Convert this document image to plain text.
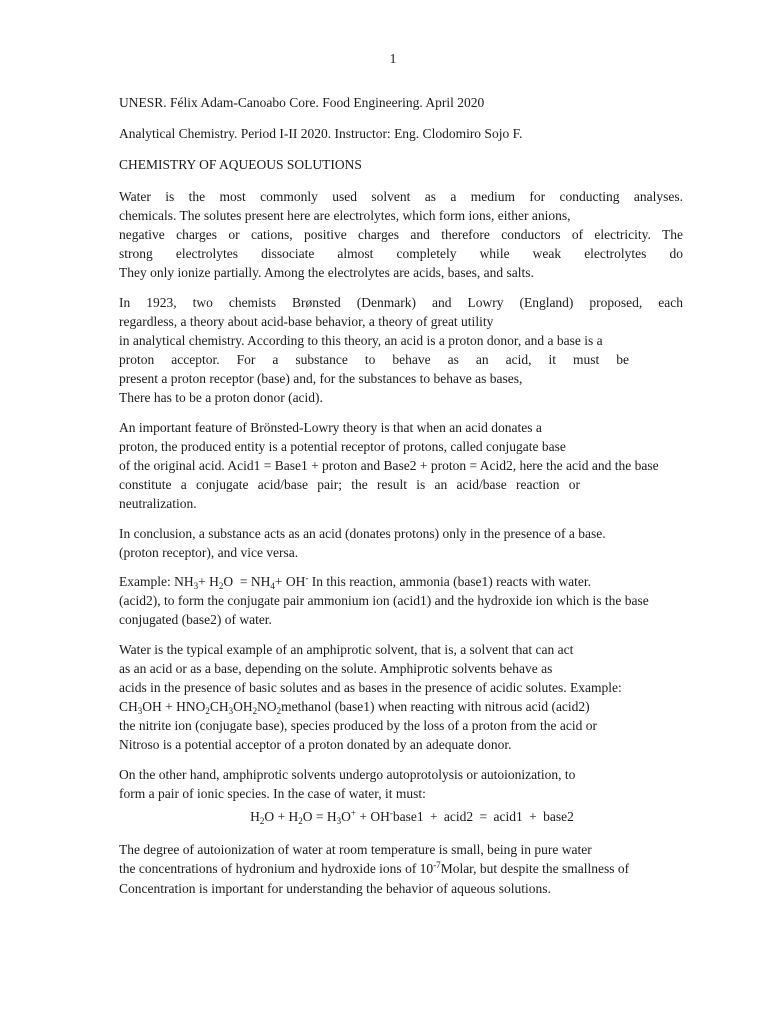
1
UNESR. Félix Adam-Canoabo Core. Food Engineering. April 2020
Analytical Chemistry. Period I-II 2020. Instructor: Eng. Clodomiro Sojo F.
CHEMISTRY OF AQUEOUS SOLUTIONS
Water is the most commonly used solvent as a medium for conducting analyses.
chemicals. The solutes present here are electrolytes, which form ions, either anions,
negative charges or cations, positive charges and therefore conductors of electricity. The
strong electrolytes dissociate almost completely while weak electrolytes do
They only ionize partially. Among the electrolytes are acids, bases, and salts.
In 1923, two chemists Brønsted (Denmark) and Lowry (England) proposed, each
regardless, a theory about acid-base behavior, a theory of great utility
in analytical chemistry. According to this theory, an acid is a proton donor, and a base is a
proton acceptor. For a substance to behave as an acid, it must be
present a proton receptor (base) and, for the substances to behave as bases,
There has to be a proton donor (acid).
An important feature of Brönsted-Lowry theory is that when an acid donates a
proton, the produced entity is a potential receptor of protons, called conjugate base
of the original acid. Acid1 = Base1 + proton and Base2 + proton = Acid2, here the acid and the base
constitute a conjugate acid/base pair; the result is an acid/base reaction or
neutralization.
In conclusion, a substance acts as an acid (donates protons) only in the presence of a base.
(proton receptor), and vice versa.
Example: $NH_3+ H_2O = NH_4+ OH^-$ In this reaction, ammonia (base1) reacts with water.
(acid2), to form the conjugate pair ammonium ion (acid1) and the hydroxide ion which is the base
conjugated (base2) of water.
Water is the typical example of an amphiprotic solvent, that is, a solvent that can act
as an acid or as a base, depending on the solute. Amphiprotic solvents behave as
acids in the presence of basic solutes and as bases in the presence of acidic solutes. Example:
$CH_3OH$ + $HNO_2CH_3OH_2NO_2methanol$ (base1) when reacting with nitrous acid (acid2)
the nitrite ion (conjugate base), species produced by the loss of a proton from the acid or
Nitroso is a potential acceptor of a proton donated by an adequate donor.
On the other hand, amphiprotic solvents undergo autoprotolysis or autoionization, to
form a pair of ionic species. In the case of water, it must:
$H_2O + H_2O = H_3O^+$ + OH-base1 + acid2 = acid1 + base2
The degree of autoionization of water at room temperature is small, being in pure water
the concentrations of hydronium and hydroxide ions of $10^{-7}Molar$, but despite the smallness of
Concentration is important for understanding the behavior of aqueous solutions.
